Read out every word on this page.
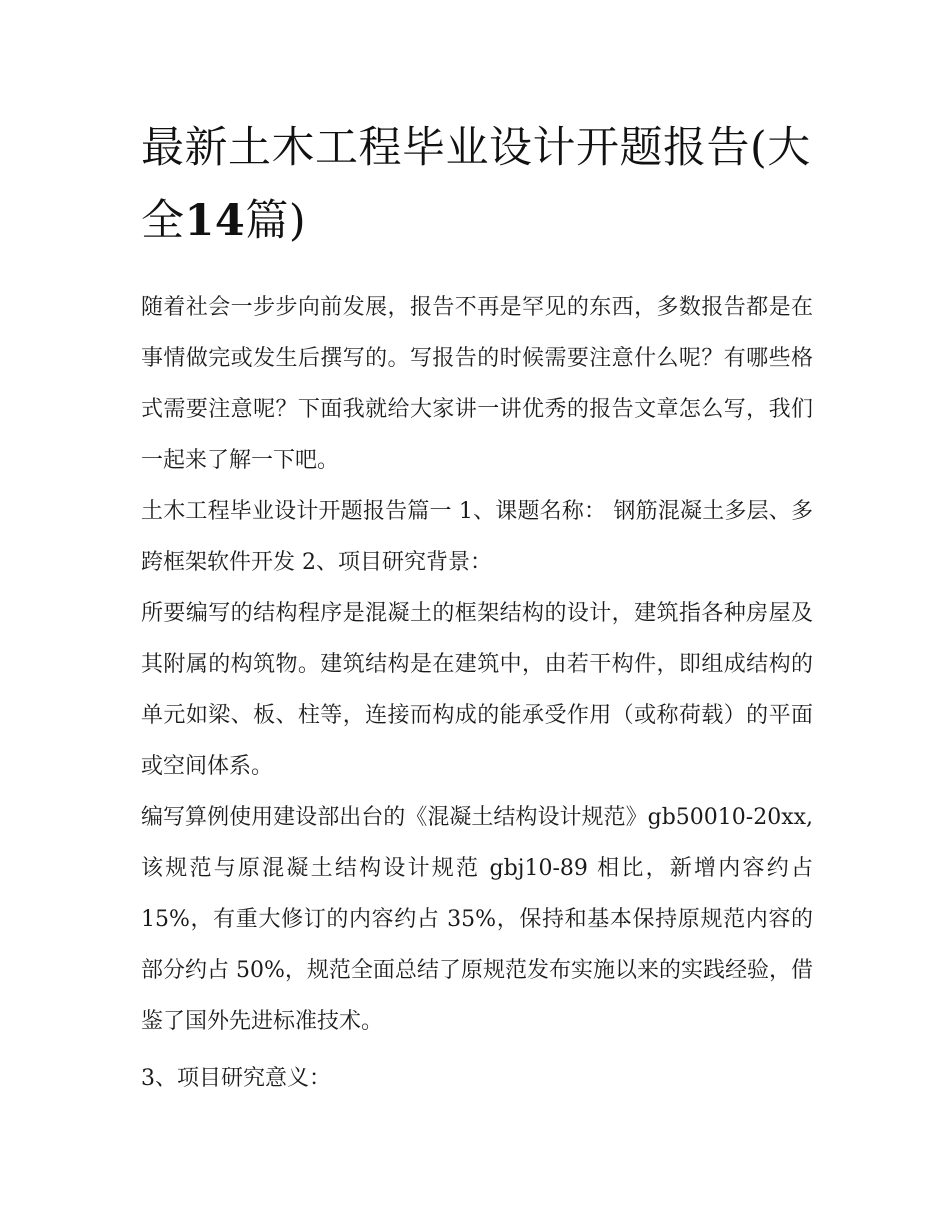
最新土木工程毕业设计开题报告(大全14篇)

随着社会一步步向前发展，报告不再是罕见的东西，多数报告都是在事情做完或发生后撰写的。写报告的时候需要注意什么呢？有哪些格式需要注意呢？下面我就给大家讲一讲优秀的报告文章怎么写，我们一起来了解一下吧。

土木工程毕业设计开题报告篇一 1、课题名称： 钢筋混凝土多层、多跨框架软件开发 2、项目研究背景：

所要编写的结构程序是混凝土的框架结构的设计，建筑指各种房屋及其附属的构筑物。建筑结构是在建筑中，由若干构件，即组成结构的单元如梁、板、柱等，连接而构成的能承受作用（或称荷载）的平面或空间体系。

编写算例使用建设部出台的《混凝土结构设计规范》gb50010-20xx,该规范与原混凝土结构设计规范 gbj10-89 相比，新增内容约占 15%，有重大修订的内容约占 35%，保持和基本保持原规范内容的部分约占 50%，规范全面总结了原规范发布实施以来的实践经验，借鉴了国外先进标准技术。

3、项目研究意义：
